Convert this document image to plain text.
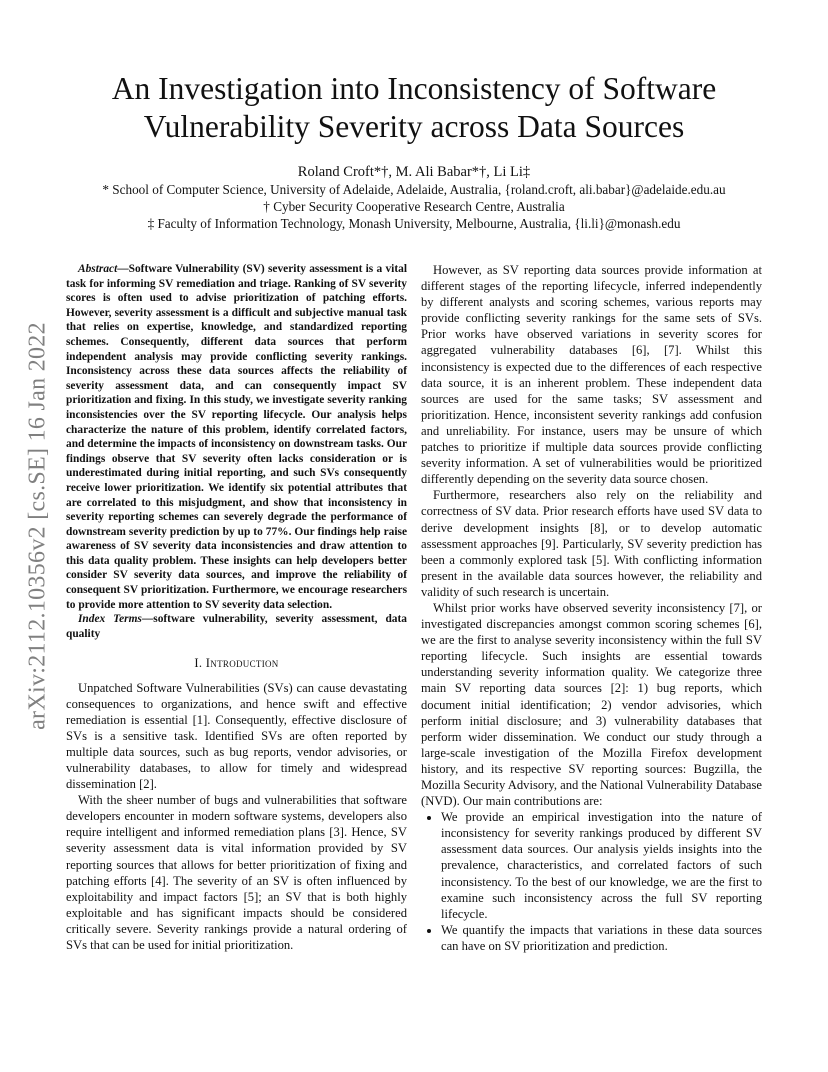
arXiv:2112.10356v2 [cs.SE] 16 Jan 2022
An Investigation into Inconsistency of Software
Vulnerability Severity across Data Sources
Roland Croft*†, M. Ali Babar*†, Li Li‡
* School of Computer Science, University of Adelaide, Adelaide, Australia, {roland.croft, ali.babar}@adelaide.edu.au
† Cyber Security Cooperative Research Centre, Australia
‡ Faculty of Information Technology, Monash University, Melbourne, Australia, {li.li}@monash.edu

Abstract—Software Vulnerability (SV) severity assessment is a vital task for informing SV remediation and triage. Ranking of SV severity scores is often used to advise prioritization of patching efforts. However, severity assessment is a difficult and subjective manual task that relies on expertise, knowledge, and standardized reporting schemes. Consequently, different data sources that perform independent analysis may provide conflicting severity rankings. Inconsistency across these data sources affects the reliability of severity assessment data, and can consequently impact SV prioritization and fixing. In this study, we investigate severity ranking inconsistencies over the SV reporting lifecycle. Our analysis helps characterize the nature of this problem, identify correlated factors, and determine the impacts of inconsistency on downstream tasks. Our findings observe that SV severity often lacks consideration or is underestimated during initial reporting, and such SVs consequently receive lower prioritization. We identify six potential attributes that are correlated to this misjudgment, and show that inconsistency in severity reporting schemes can severely degrade the performance of downstream severity prediction by up to 77%. Our findings help raise awareness of SV severity data inconsistencies and draw attention to this data quality problem. These insights can help developers better consider SV severity data sources, and improve the reliability of consequent SV prioritization. Furthermore, we encourage researchers to provide more attention to SV severity data selection.

Index Terms—software vulnerability, severity assessment, data quality

I. Introduction

Unpatched Software Vulnerabilities (SVs) can cause devastating consequences to organizations, and hence swift and effective remediation is essential [1]. Consequently, effective disclosure of SVs is a sensitive task. Identified SVs are often reported by multiple data sources, such as bug reports, vendor advisories, or vulnerability databases, to allow for timely and widespread dissemination [2].

With the sheer number of bugs and vulnerabilities that software developers encounter in modern software systems, developers also require intelligent and informed remediation plans [3]. Hence, SV severity assessment data is vital information provided by SV reporting sources that allows for better prioritization of fixing and patching efforts [4]. The severity of an SV is often influenced by exploitability and impact factors [5]; an SV that is both highly exploitable and has significant impacts should be considered critically severe. Severity rankings provide a natural ordering of SVs that can be used for initial prioritization.

However, as SV reporting data sources provide information at different stages of the reporting lifecycle, inferred independently by different analysts and scoring schemes, various reports may provide conflicting severity rankings for the same sets of SVs. Prior works have observed variations in severity scores for aggregated vulnerability databases [6], [7]. Whilst this inconsistency is expected due to the differences of each respective data source, it is an inherent problem. These independent data sources are used for the same tasks; SV assessment and prioritization. Hence, inconsistent severity rankings add confusion and unreliability. For instance, users may be unsure of which patches to prioritize if multiple data sources provide conflicting severity information. A set of vulnerabilities would be prioritized differently depending on the severity data source chosen.

Furthermore, researchers also rely on the reliability and correctness of SV data. Prior research efforts have used SV data to derive development insights [8], or to develop automatic assessment approaches [9]. Particularly, SV severity prediction has been a commonly explored task [5]. With conflicting information present in the available data sources however, the reliability and validity of such research is uncertain.

Whilst prior works have observed severity inconsistency [7], or investigated discrepancies amongst common scoring schemes [6], we are the first to analyse severity inconsistency within the full SV reporting lifecycle. Such insights are essential towards understanding severity information quality. We categorize three main SV reporting data sources [2]: 1) bug reports, which document initial identification; 2) vendor advisories, which perform initial disclosure; and 3) vulnerability databases that perform wider dissemination. We conduct our study through a large-scale investigation of the Mozilla Firefox development history, and its respective SV reporting sources: Bugzilla, the Mozilla Security Advisory, and the National Vulnerability Database (NVD). Our main contributions are:

• We provide an empirical investigation into the nature of inconsistency for severity rankings produced by different SV assessment data sources. Our analysis yields insights into the prevalence, characteristics, and correlated factors of such inconsistency. To the best of our knowledge, we are the first to examine such inconsistency across the full SV reporting lifecycle.
• We quantify the impacts that variations in these data sources can have on SV prioritization and prediction.
